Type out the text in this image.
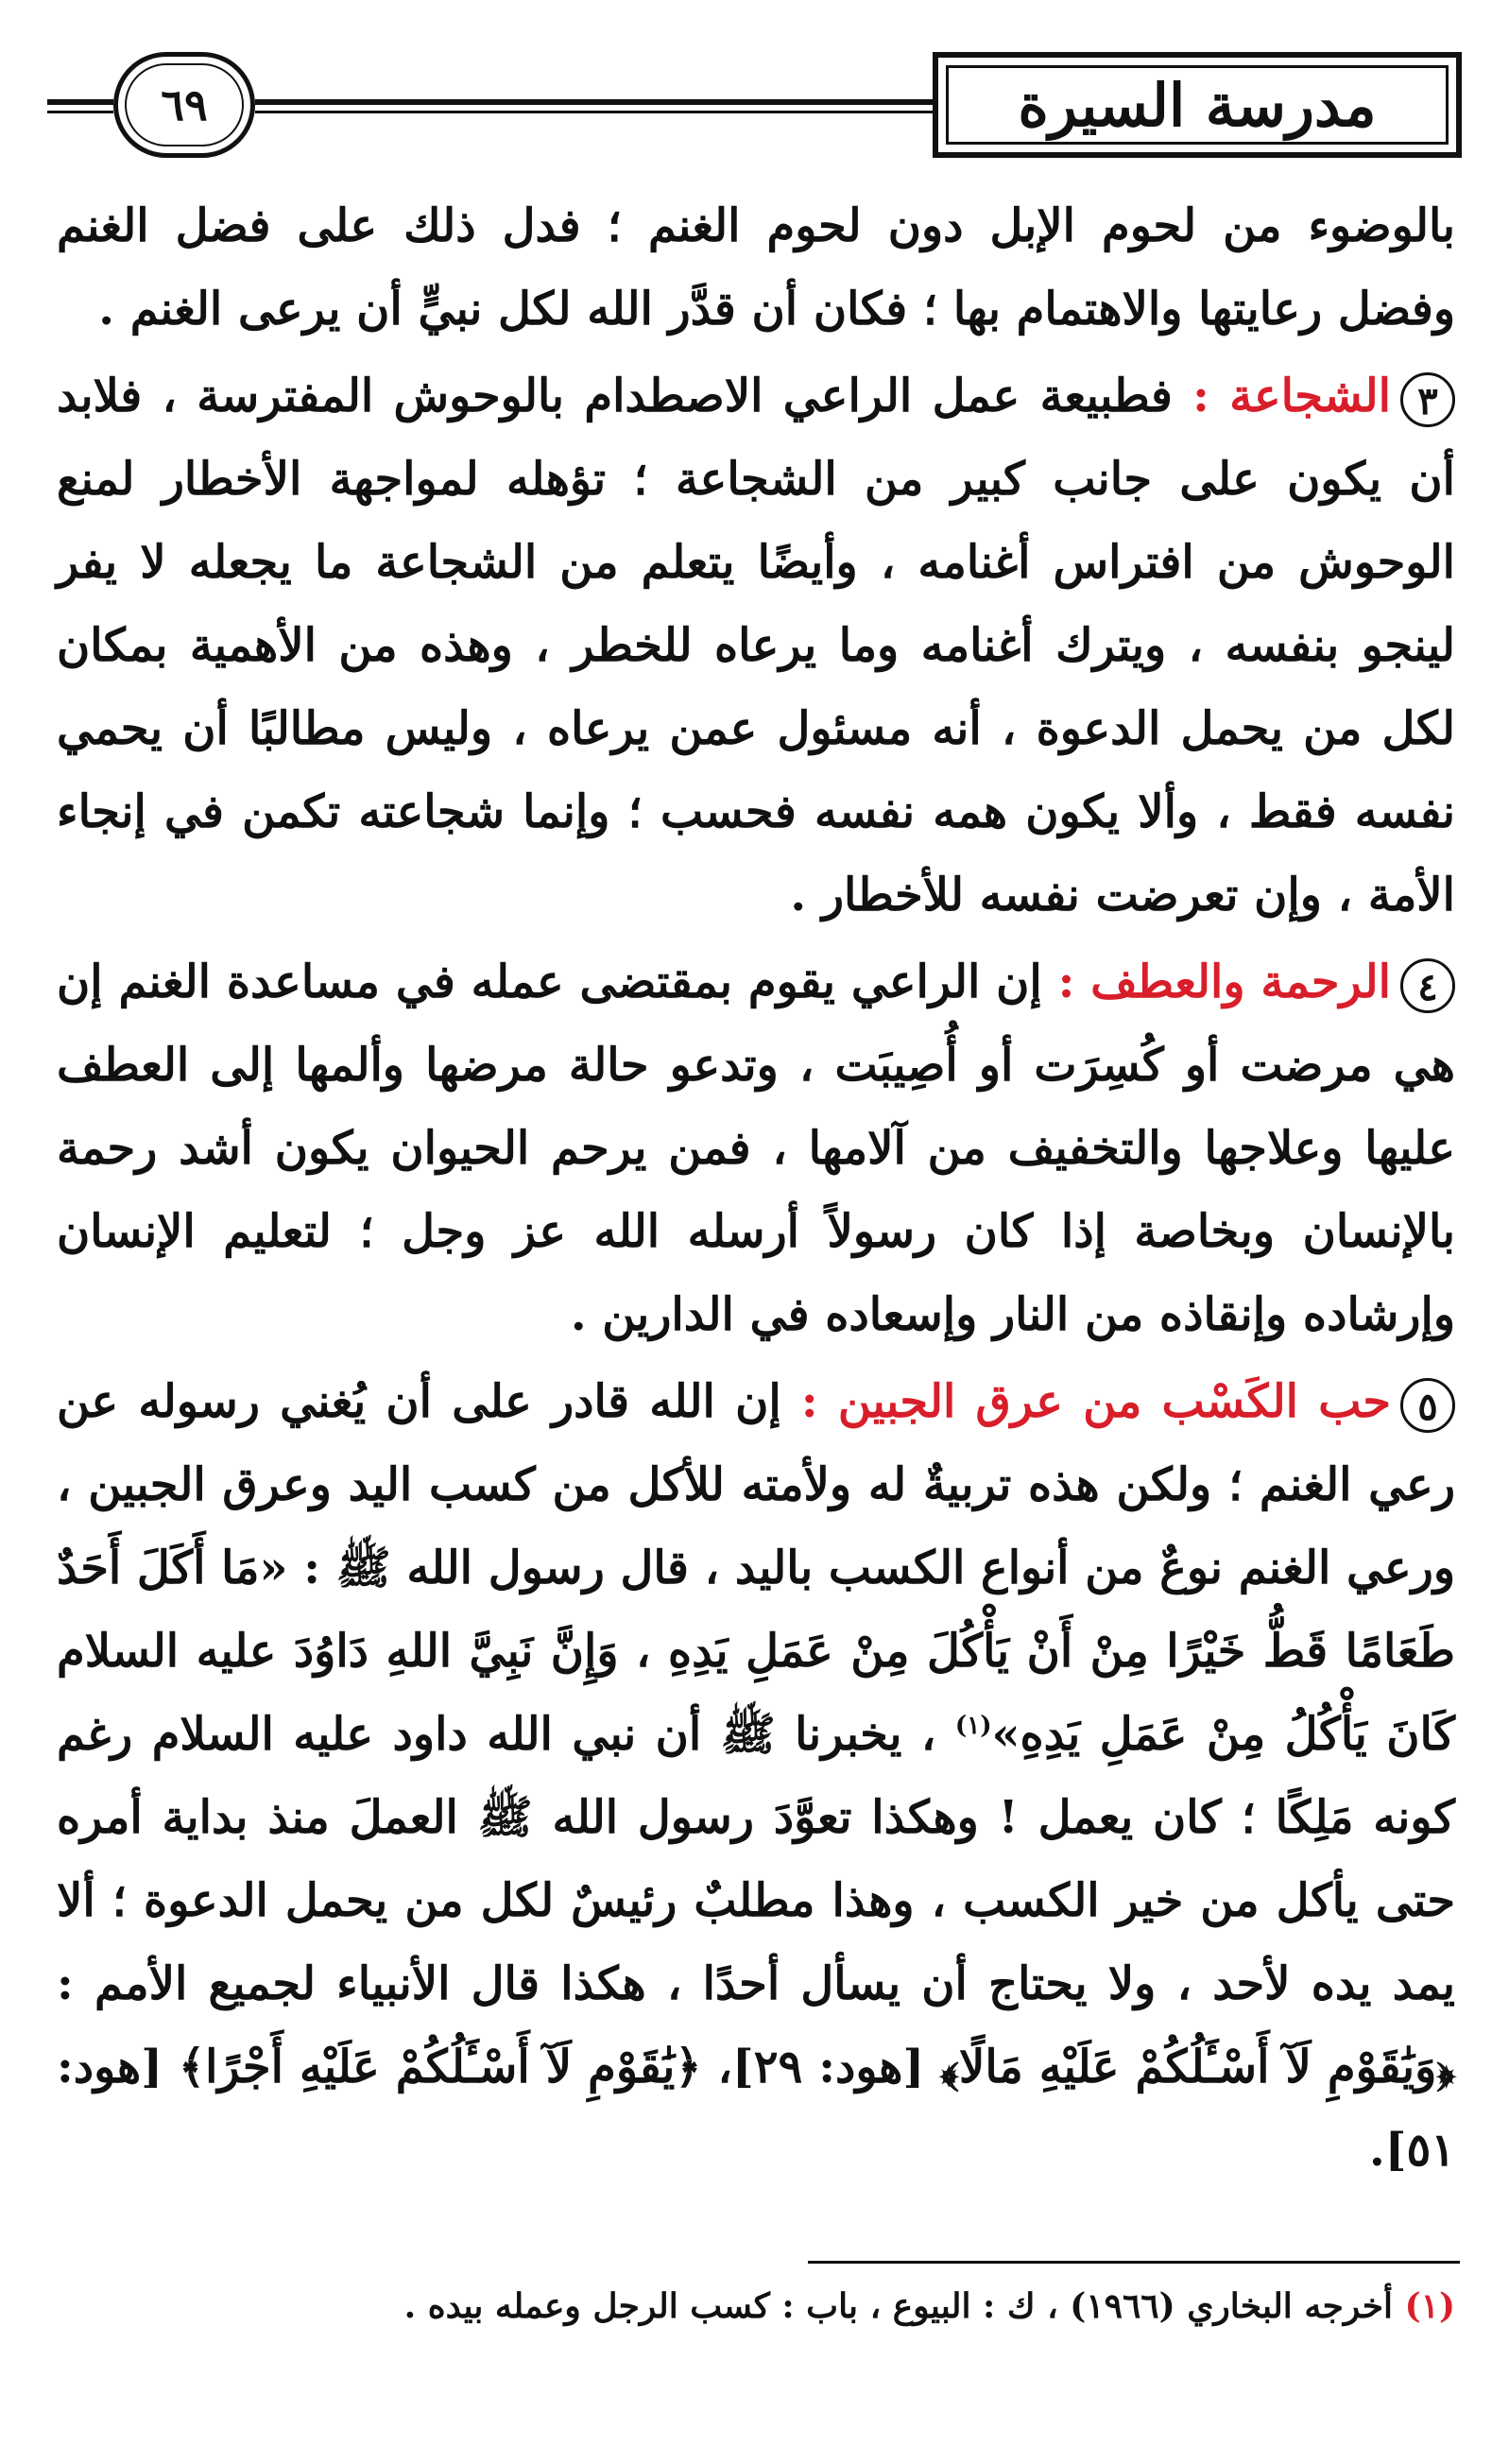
٦٩	مدرسة السيرة

بالوضوء من لحوم الإبل دون لحوم الغنم ؛ فدل ذلك على فضل الغنم وفضل رعايتها والاهتمام بها ؛ فكان أن قدَّر الله لكل نبيٍّ أن يرعى الغنم .

٣الشجاعة : فطبيعة عمل الراعي الاصطدام بالوحوش المفترسة ، فلابد أن يكون على جانب كبير من الشجاعة ؛ تؤهله لمواجهة الأخطار لمنع الوحوش من افتراس أغنامه ، وأيضًا يتعلم من الشجاعة ما يجعله لا يفر لينجو بنفسه ، ويترك أغنامه وما يرعاه للخطر ، وهذه من الأهمية بمكان لكل من يحمل الدعوة ، أنه مسئول عمن يرعاه ، وليس مطالبًا أن يحمي نفسه فقط ، وألا يكون همه نفسه فحسب ؛ وإنما شجاعته تكمن في إنجاء الأمة ، وإن تعرضت نفسه للأخطار .

٤الرحمة والعطف : إن الراعي يقوم بمقتضى عمله في مساعدة الغنم إن هي مرضت أو كُسِرَت أو أُصِيبَت ، وتدعو حالة مرضها وألمها إلى العطف عليها وعلاجها والتخفيف من آلامها ، فمن يرحم الحيوان يكون أشد رحمة بالإنسان وبخاصة إذا كان رسولاً أرسله الله عز وجل ؛ لتعليم الإنسان وإرشاده وإنقاذه من النار وإسعاده في الدارين .

٥حب الكَسْب من عرق الجبين : إن الله قادر على أن يُغني رسوله عن رعي الغنم ؛ ولكن هذه تربيةٌ له ولأمته للأكل من كسب اليد وعرق الجبين ، ورعي الغنم نوعٌ من أنواع الكسب باليد ، قال رسول الله ﷺ : «مَا أَكَلَ أَحَدٌ طَعَامًا قَطُّ خَيْرًا مِنْ أَنْ يَأْكُلَ مِنْ عَمَلِ يَدِهِ ، وَإِنَّ نَبِيَّ اللهِ دَاوُدَ عليه السلام كَانَ يَأْكُلُ مِنْ عَمَلِ يَدِهِ»$^{(١)}$ ، يخبرنا ﷺ أن نبي الله داود عليه السلام رغم كونه مَلِكًا ؛ كان يعمل ! وهكذا تعوَّدَ رسول الله ﷺ العملَ منذ بداية أمره حتى يأكل من خير الكسب ، وهذا مطلبٌ رئيسٌ لكل من يحمل الدعوة ؛ ألا يمد يده لأحد ، ولا يحتاج أن يسأل أحدًا ، هكذا قال الأنبياء لجميع الأمم : ﴿وَيَٰقَوْمِ لَآ أَسْـَٔلُكُمْ عَلَيْهِ مَالًا﴾ [هود: ٢٩]، ﴿يَٰقَوْمِ لَآ أَسْـَٔلُكُمْ عَلَيْهِ أَجْرًا﴾ [هود: ٥١].

(١) أخرجه البخاري (١٩٦٦) ، ك : البيوع ، باب : كسب الرجل وعمله بيده .
